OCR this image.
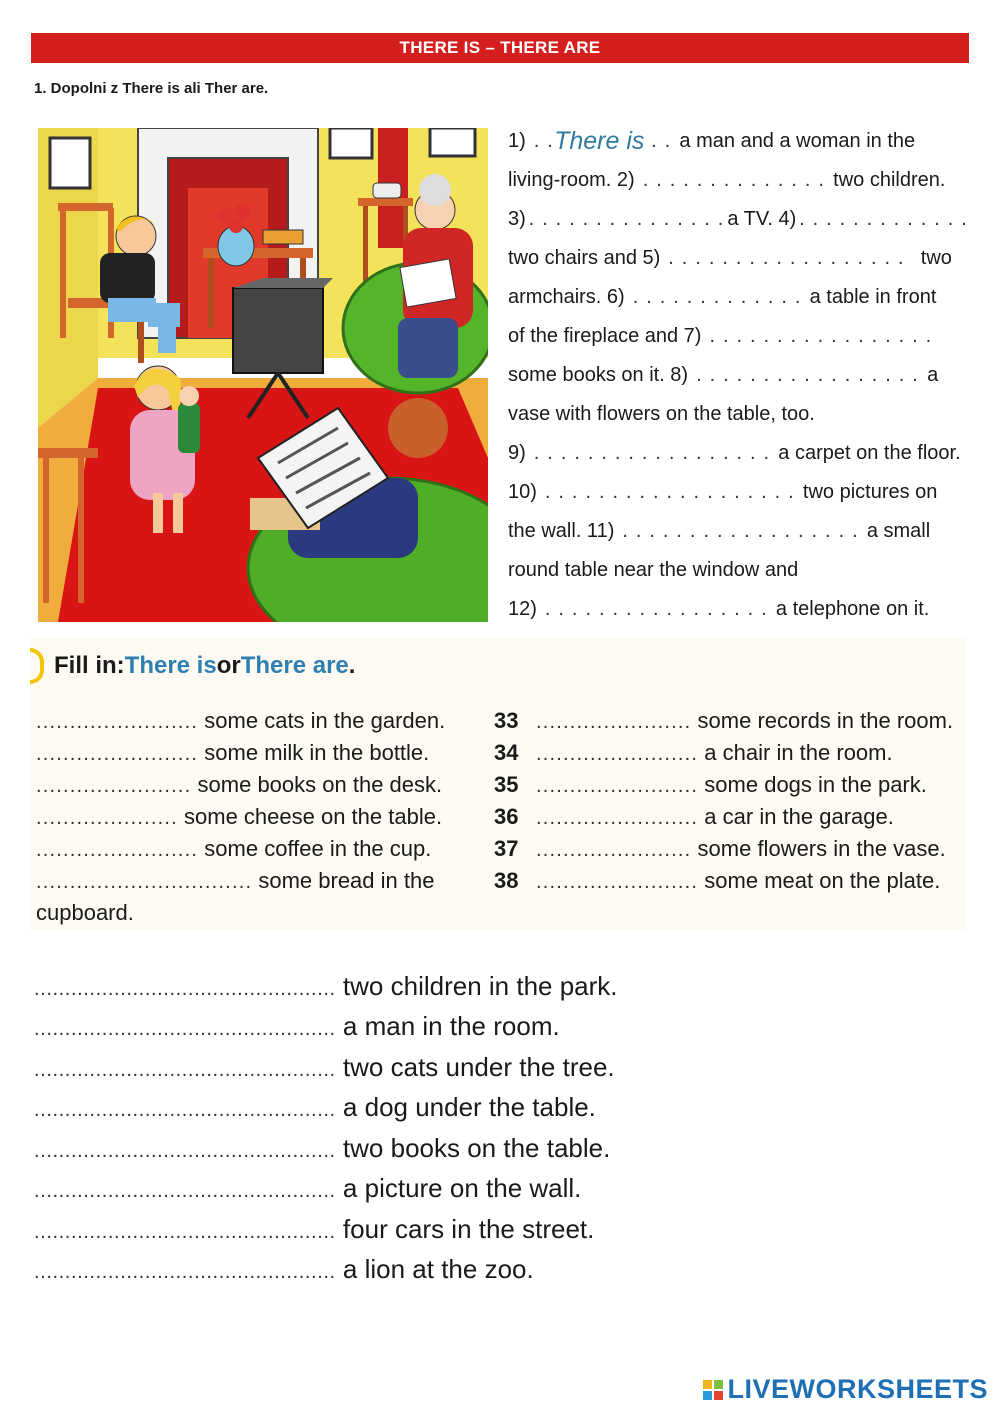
THERE IS – THERE ARE
1. Dopolni z There is ali Ther are.
1) . . There is . . a man and a woman in the
living-room. 2) . . . . . . . . . . . . . . two children.
3) . . . . . . . . . . . . . . . a TV. 4) . . . . . . . . . . . . .
two chairs and 5) . . . . . . . . . . . . . . . . . . two
armchairs. 6) . . . . . . . . . . . . . a table in front
of the fireplace and 7) . . . . . . . . . . . . . . . . .
some books on it. 8) . . . . . . . . . . . . . . . . . a
vase with flowers on the table, too.
9) . . . . . . . . . . . . . . . . . . a carpet on the floor.
10) . . . . . . . . . . . . . . . . . . . two pictures on
the wall. 11) . . . . . . . . . . . . . . . . . . a small
round table near the window and
12) . . . . . . . . . . . . . . . . . a telephone on it.
Fill in: There is or There are .
........................ some cats in the garden.
........................ some milk in the bottle.
....................... some books on the desk.
..................... some cheese on the table.
........................ some coffee in the cup.
................................ some bread in the
cupboard.
33 ....................... some records in the room.
34 ........................ a chair in the room.
35 ........................ some dogs in the park.
36 ........................ a car in the garage.
37 ....................... some flowers in the vase.
38 ........................ some meat on the plate.
................................................. two children in the park.
................................................. a man in the room.
................................................. two cats under the tree.
................................................. a dog under the table.
................................................. two books on the table.
................................................. a picture on the wall.
................................................. four cars in the street.
................................................. a lion at the zoo.
LIVEWORKSHEETS
